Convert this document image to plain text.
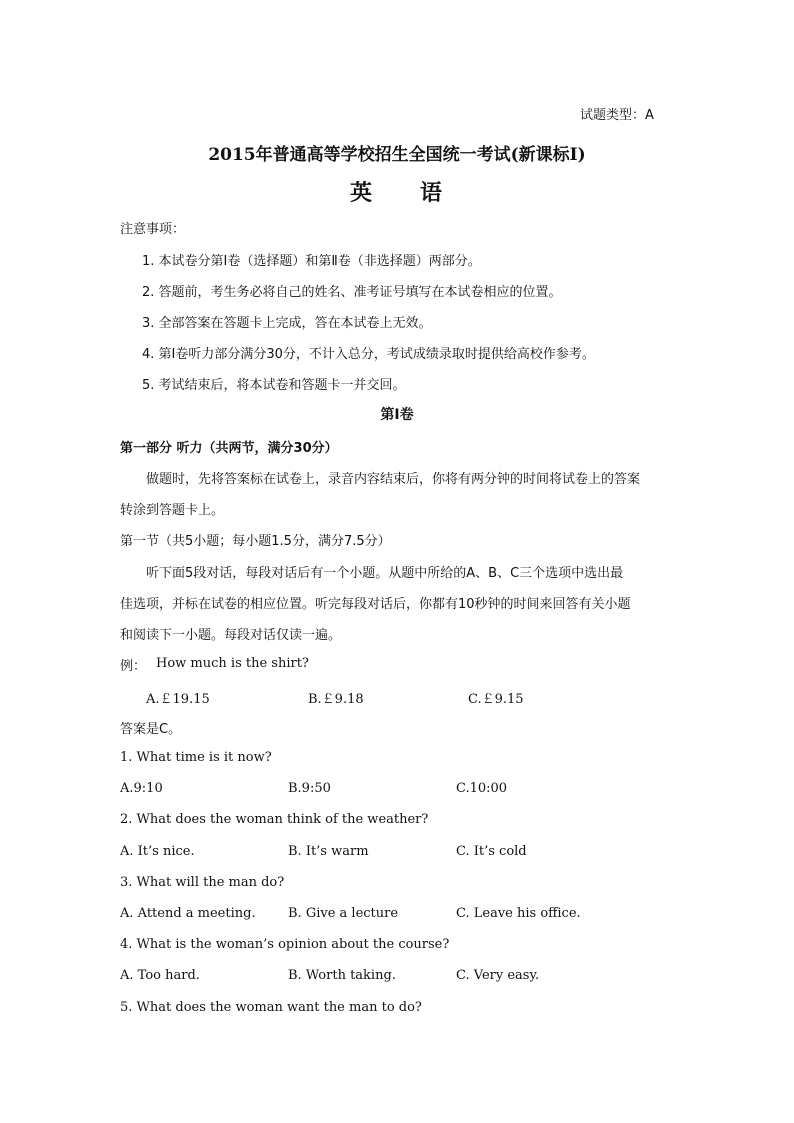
试题类型：A
2015年普通高等学校招生全国统一考试(新课标I)
英 语
注意事项：
1. 本试卷分第Ⅰ卷（选择题）和第Ⅱ卷（非选择题）两部分。
2. 答题前，考生务必将自己的姓名、准考证号填写在本试卷相应的位置。
3. 全部答案在答题卡上完成，答在本试卷上无效。
4. 第Ⅰ卷听力部分满分30分，不计入总分，考试成绩录取时提供给高校作参考。
5. 考试结束后，将本试卷和答题卡一并交回。
第Ⅰ卷
第一部分 听力（共两节，满分30分）
做题时，先将答案标在试卷上，录音内容结束后，你将有两分钟的时间将试卷上的答案
转涂到答题卡上。
第一节（共5小题；每小题1.5分，满分7.5分）
听下面5段对话，每段对话后有一个小题。从题中所给的A、B、C三个选项中选出最
佳选项，并标在试卷的相应位置。听完每段对话后，你都有10秒钟的时间来回答有关小题
和阅读下一小题。每段对话仅读一遍。
例： How much is the shirt?
A.￡19.15	B.￡9.18	C.￡9.15
答案是C。
1. What time is it now?
A.9:10	B.9:50	C.10:00
2. What does the woman think of the weather?
A. It’s nice.	B. It’s warm	C. It’s cold
3. What will the man do?
A. Attend a meeting. B. Give a lecture	C. Leave his office.
4. What is the woman’s opinion about the course?
A. Too hard.	B. Worth taking.	C. Very easy.
5. What does the woman want the man to do?
